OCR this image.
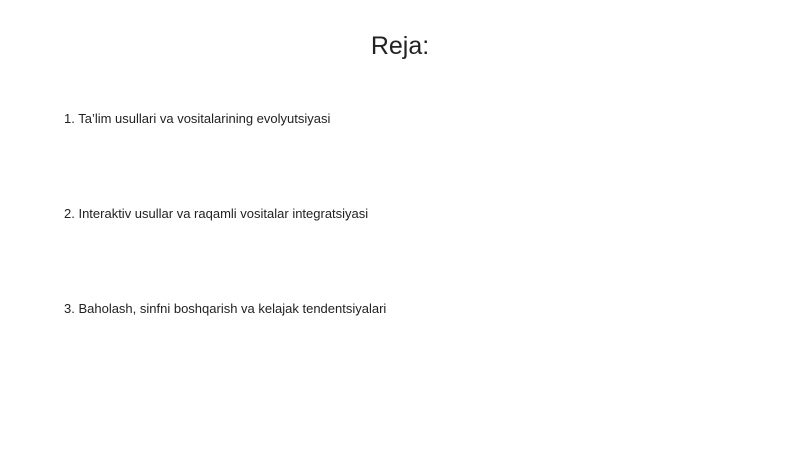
Reja:
1. Ta’lim usullari va vositalarining evolyutsiyasi
2. Interaktiv usullar va raqamli vositalar integratsiyasi
3. Baholash, sinfni boshqarish va kelajak tendentsiyalari
